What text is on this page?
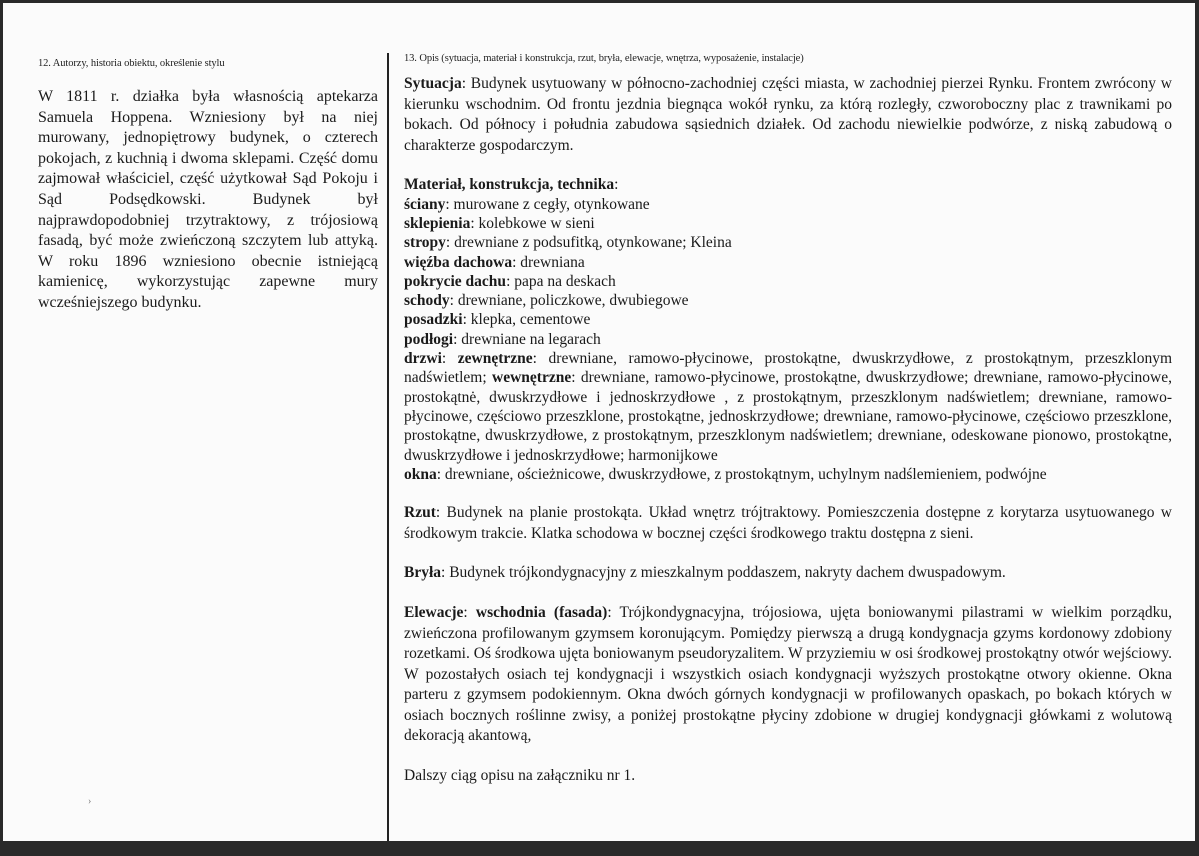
12. Autorzy, historia obiektu, określenie stylu

W 1811 r. działka była własnością aptekarza Samuela Hoppena. Wzniesiony był na niej murowany, jednopiętrowy budynek, o czterech pokojach, z kuchnią i dwoma sklepami. Część domu zajmował właściciel, część użytkował Sąd Pokoju i Sąd Podsędkowski. Budynek był najprawdopodobniej trzytraktowy, z trójosiową fasadą, być może zwieńczoną szczytem lub attyką. W roku 1896 wzniesiono obecnie istniejącą kamienicę, wykorzystując zapewne mury wcześniejszego budynku.

›
13. Opis (sytuacja, materiał i konstrukcja, rzut, bryła, elewacje, wnętrza, wyposażenie, instalacje)

Sytuacja: Budynek usytuowany w północno-zachodniej części miasta, w zachodniej pierzei Rynku. Frontem zwrócony w kierunku wschodnim. Od frontu jezdnia biegnąca wokół rynku, za którą rozległy, czworoboczny plac z trawnikami po bokach. Od północy i południa zabudowa sąsiednich działek. Od zachodu niewielkie podwórze, z niską zabudową o charakterze gospodarczym.

Materiał, konstrukcja, technika:

ściany: murowane z cegły, otynkowane

sklepienia: kolebkowe w sieni

stropy: drewniane z podsufitką, otynkowane; Kleina

więźba dachowa: drewniana

pokrycie dachu: papa na deskach

schody: drewniane, policzkowe, dwubiegowe

posadzki: klepka, cementowe

podłogi: drewniane na legarach

drzwi: zewnętrzne: drewniane, ramowo-płycinowe, prostokątne, dwuskrzydłowe, z prostokątnym, przeszklonym nadświetlem; wewnętrzne: drewniane, ramowo-płycinowe, prostokątne, dwuskrzydłowe; drewniane, ramowo-płycinowe, prostokątnė, dwuskrzydłowe i jednoskrzydłowe , z prostokątnym, przeszklonym nadświetlem; drewniane, ramowo-płycinowe, częściowo przeszklone, prostokątne, jednoskrzydłowe; drewniane, ramowo-płycinowe, częściowo przeszklone, prostokątne, dwuskrzydłowe, z prostokątnym, przeszklonym nadświetlem; drewniane, odeskowane pionowo, prostokątne, dwuskrzydłowe i jednoskrzydłowe; harmonijkowe

okna: drewniane, ościeżnicowe, dwuskrzydłowe, z prostokątnym, uchylnym nadślemieniem, podwójne

Rzut: Budynek na planie prostokąta. Układ wnętrz trójtraktowy. Pomieszczenia dostępne z korytarza usytuowanego w środkowym trakcie. Klatka schodowa w bocznej części środkowego traktu dostępna z sieni.

Bryła: Budynek trójkondygnacyjny z mieszkalnym poddaszem, nakryty dachem dwuspadowym.

Elewacje: wschodnia (fasada): Trójkondygnacyjna, trójosiowa, ujęta boniowanymi pilastrami w wielkim porządku, zwieńczona profilowanym gzymsem koronującym. Pomiędzy pierwszą a drugą kondygnacja gzyms kordonowy zdobiony rozetkami. Oś środkowa ujęta boniowanym pseudoryzalitem. W przyziemiu w osi środkowej prostokątny otwór wejściowy. W pozostałych osiach tej kondygnacji i wszystkich osiach kondygnacji wyższych prostokątne otwory okienne. Okna parteru z gzymsem podokiennym. Okna dwóch górnych kondygnacji w profilowanych opaskach, po bokach których w osiach bocznych roślinne zwisy, a poniżej prostokątne płyciny zdobione w drugiej kondygnacji główkami z wolutową dekoracją akantową,

Dalszy ciąg opisu na załączniku nr 1.
